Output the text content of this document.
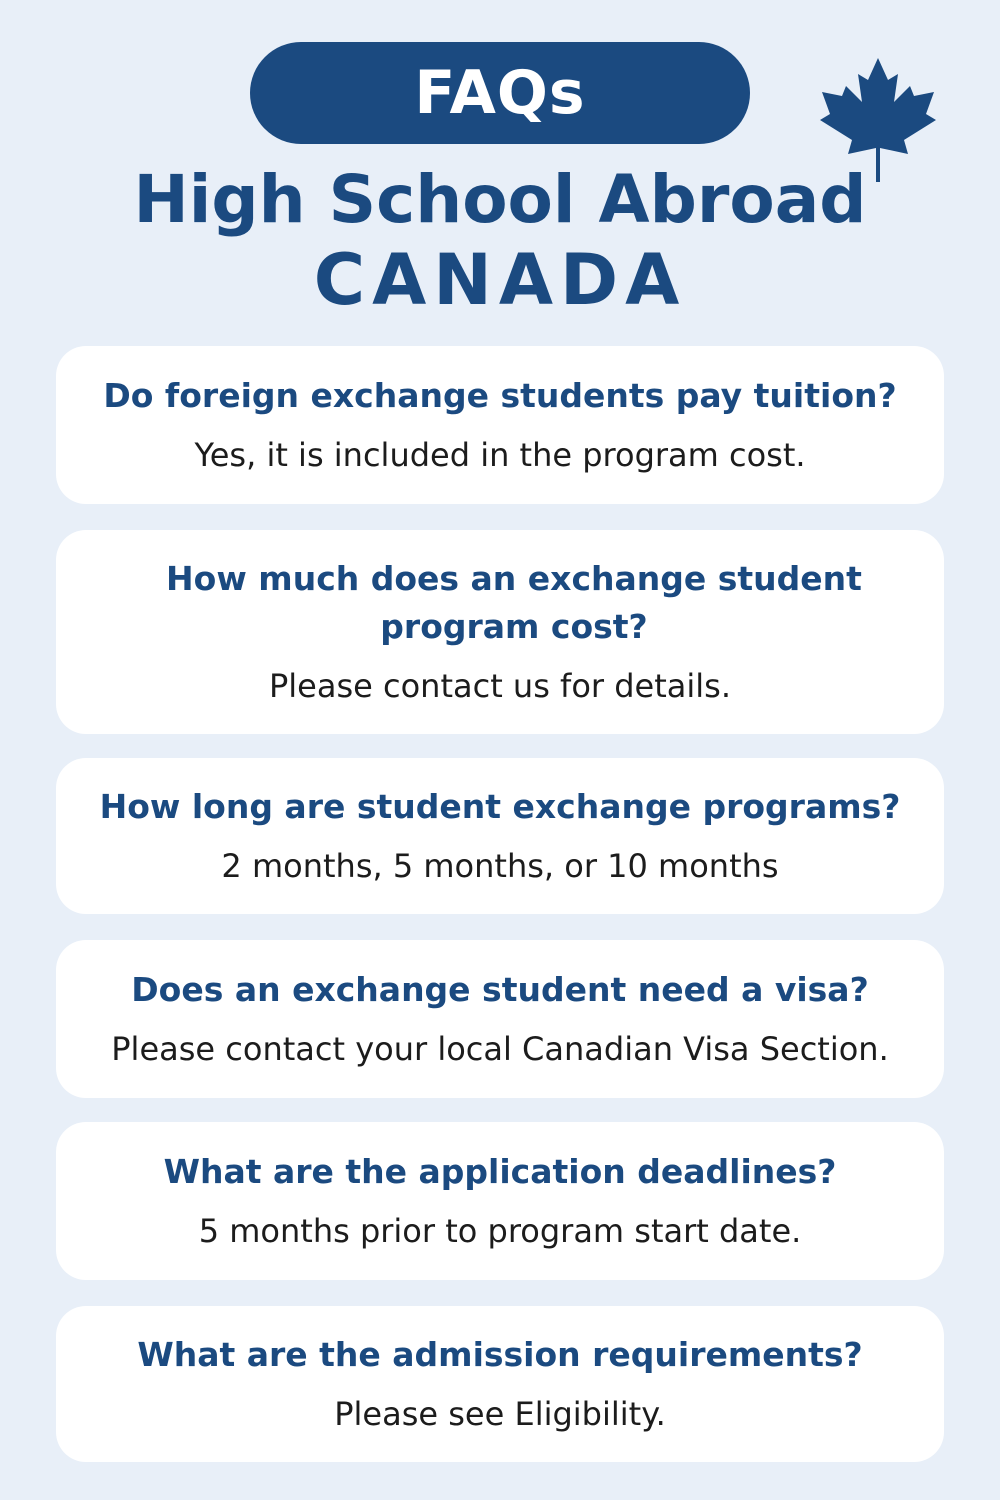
FAQs
High School Abroad
CANADA
Do foreign exchange students pay tuition?
Yes, it is included in the program cost.
How much does an exchange student program cost?
Please contact us for details.
How long are student exchange programs?
2 months, 5 months, or 10 months
Does an exchange student need a visa?
Please contact your local Canadian Visa Section.
What are the application deadlines?
5 months prior to program start date.
What are the admission requirements?
Please see Eligibility.
